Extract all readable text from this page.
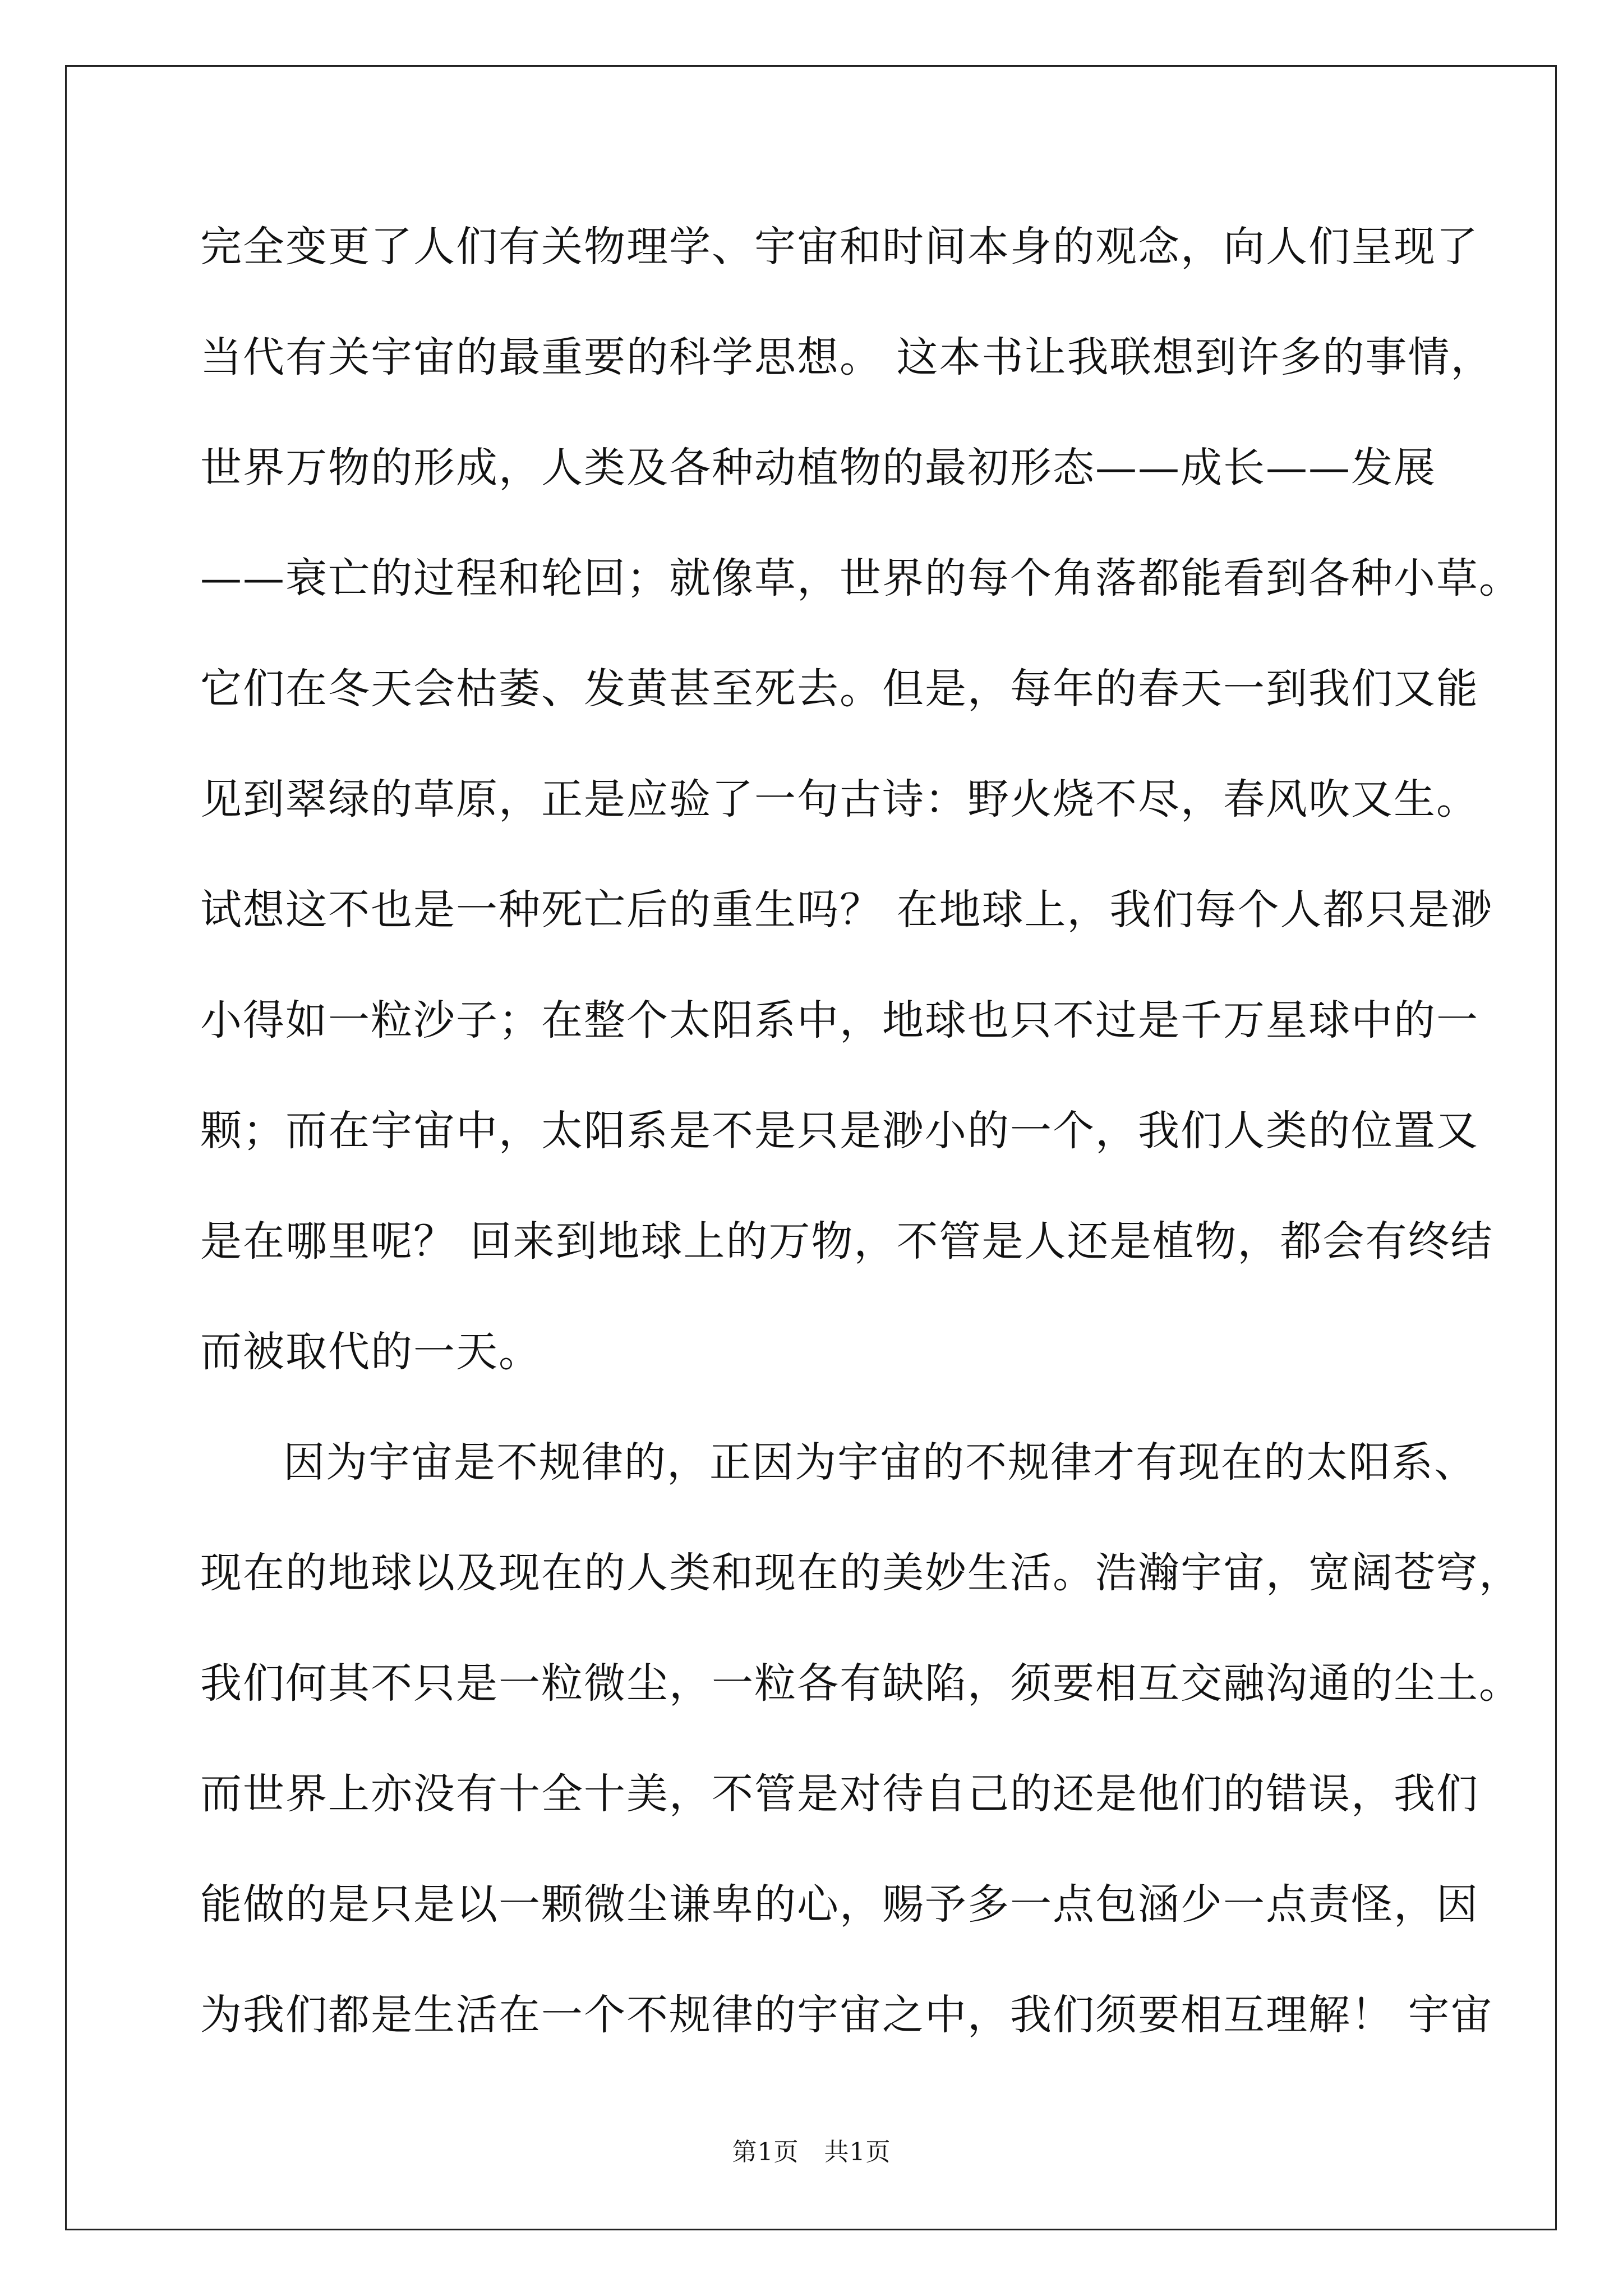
完全变更了人们有关物理学、宇宙和时间本身的观念，向人们呈现了
当代有关宇宙的最重要的科学思想。 这本书让我联想到许多的事情，
世界万物的形成，人类及各种动植物的最初形态——成长——发展
——衰亡的过程和轮回；就像草，世界的每个角落都能看到各种小草。
它们在冬天会枯萎、发黄甚至死去。但是，每年的春天一到我们又能
见到翠绿的草原，正是应验了一句古诗：野火烧不尽，春风吹又生。
试想这不也是一种死亡后的重生吗？ 在地球上，我们每个人都只是渺
小得如一粒沙子；在整个太阳系中，地球也只不过是千万星球中的一
颗；而在宇宙中，太阳系是不是只是渺小的一个，我们人类的位置又
是在哪里呢？ 回来到地球上的万物，不管是人还是植物，都会有终结
而被取代的一天。
因为宇宙是不规律的，正因为宇宙的不规律才有现在的太阳系、
现在的地球以及现在的人类和现在的美妙生活。浩瀚宇宙，宽阔苍穹，
我们何其不只是一粒微尘，一粒各有缺陷，须要相互交融沟通的尘土。
而世界上亦没有十全十美，不管是对待自己的还是他们的错误，我们
能做的是只是以一颗微尘谦卑的心，赐予多一点包涵少一点责怪，因
为我们都是生活在一个不规律的宇宙之中，我们须要相互理解！ 宇宙
第1页　共1页
